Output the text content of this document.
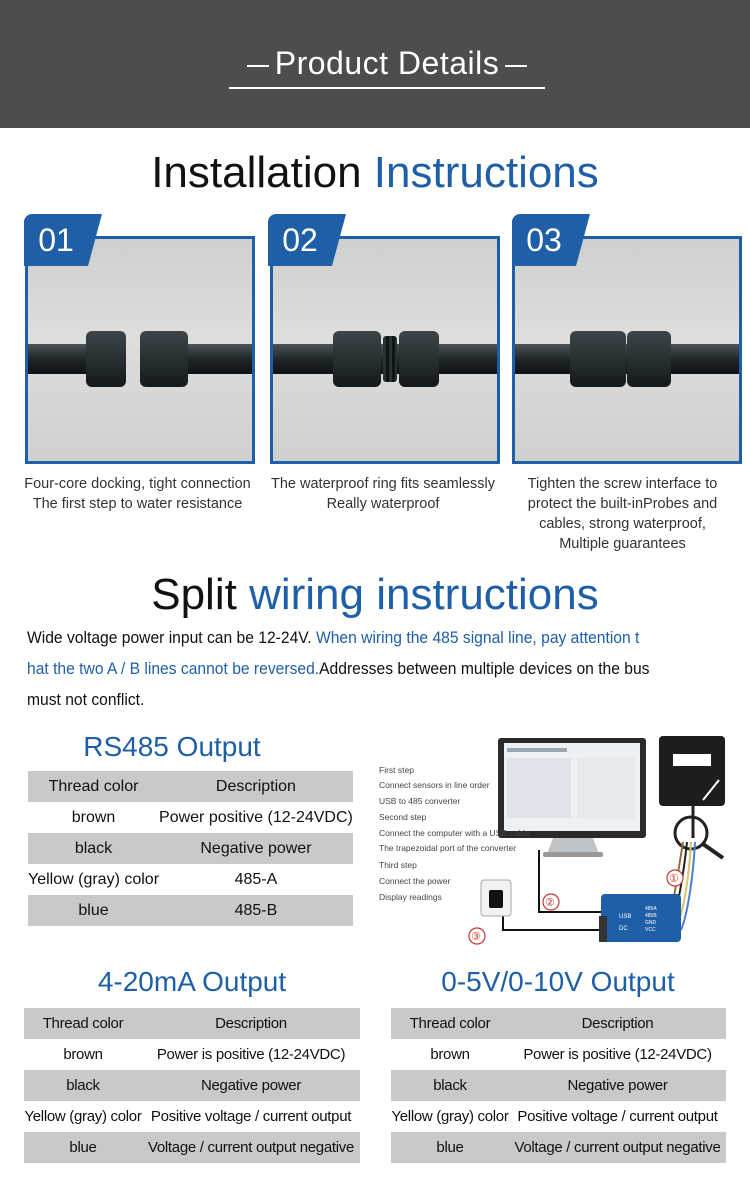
Product Details
Installation Instructions
01	02	03
Four-core docking, tight connection
The first step to water resistance
The waterproof ring fits seamlessly
Really waterproof
Tighten the screw interface to
protect the built-inProbes and
cables, strong waterproof,
Multiple guarantees
Split wiring instructions
Wide voltage power input can be 12-24V. When wiring the 485 signal line, pay attention t
hat the two A / B lines cannot be reversed.Addresses between multiple devices on the bus
must not conflict.
RS485 Output
Thread color	Description
brown	Power positive (12-24VDC)
black	Negative power
Yellow (gray) color	485-A
blue	485-B	USB
DC
485A
485B
GND
VCC
①
②
③
First step
Connect sensors in line order
USB to 485 converter
Second step
Connect the computer with a USB cable
The trapezoidal port of the converter
Third step
Connect the power
Display readings
4-20mA Output
Thread color	Description
brown	Power is positive (12-24VDC)
black	Negative power
Yellow (gray) color	Positive voltage / current output
blue	Voltage / current output negative
0-5V/0-10V Output
Thread color	Description
brown	Power is positive (12-24VDC)
black	Negative power
Yellow (gray) color	Positive voltage / current output
blue	Voltage / current output negative
